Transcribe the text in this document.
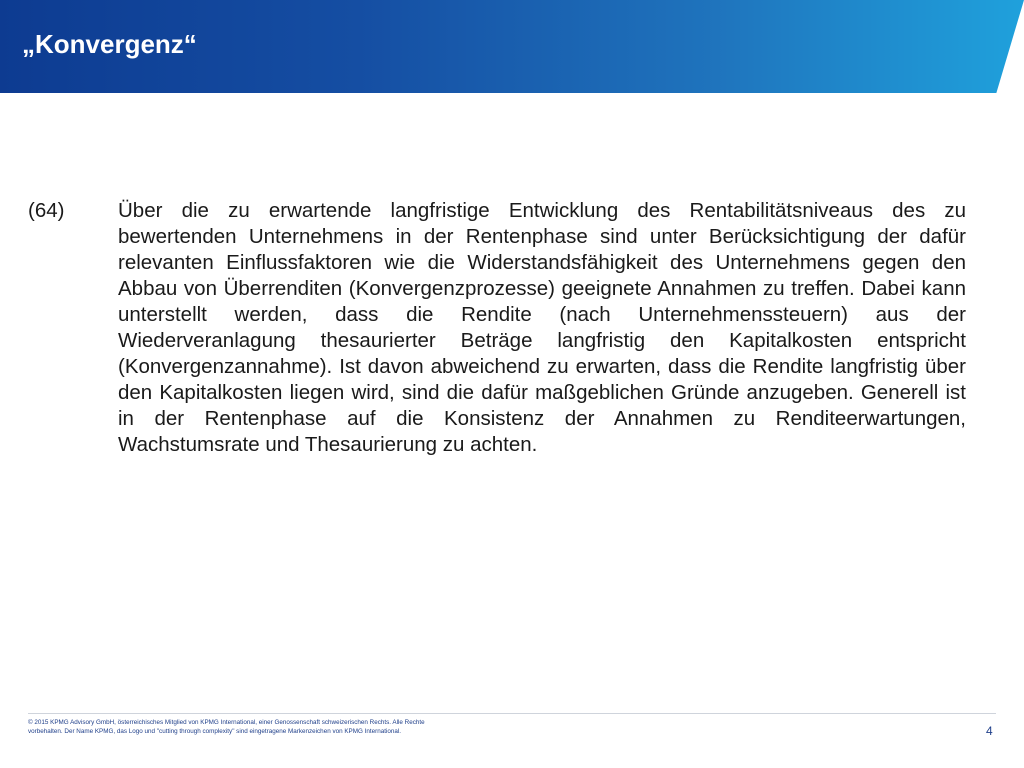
„Konvergenz“
(64)	Über die zu erwartende langfristige Entwicklung des Rentabilitätsniveaus des zu bewertenden Unternehmens in der Rentenphase sind unter Berücksichtigung der dafür relevanten Einflussfaktoren wie die Widerstandsfähigkeit des Unternehmens gegen den Abbau von Überrenditen (Konvergenzprozesse) geeignete Annahmen zu treffen. Dabei kann unterstellt werden, dass die Rendite (nach Unternehmenssteuern) aus der Wiederveranlagung thesaurierter Beträge langfristig den Kapitalkosten entspricht (Konvergenzannahme). Ist davon abweichend zu erwarten, dass die Rendite langfristig über den Kapitalkosten liegen wird, sind die dafür maßgeblichen Gründe anzugeben. Generell ist in der Rentenphase auf die Konsistenz der Annahmen zu Renditeerwartungen, Wachstumsrate und Thesaurierung zu achten.
© 2015 KPMG Advisory GmbH, österreichisches Mitglied von KPMG International, einer Genossenschaft schweizerischen Rechts. Alle Rechte vorbehalten. Der Name KPMG, das Logo und "cutting through complexity" sind eingetragene Markenzeichen von KPMG International.	4
